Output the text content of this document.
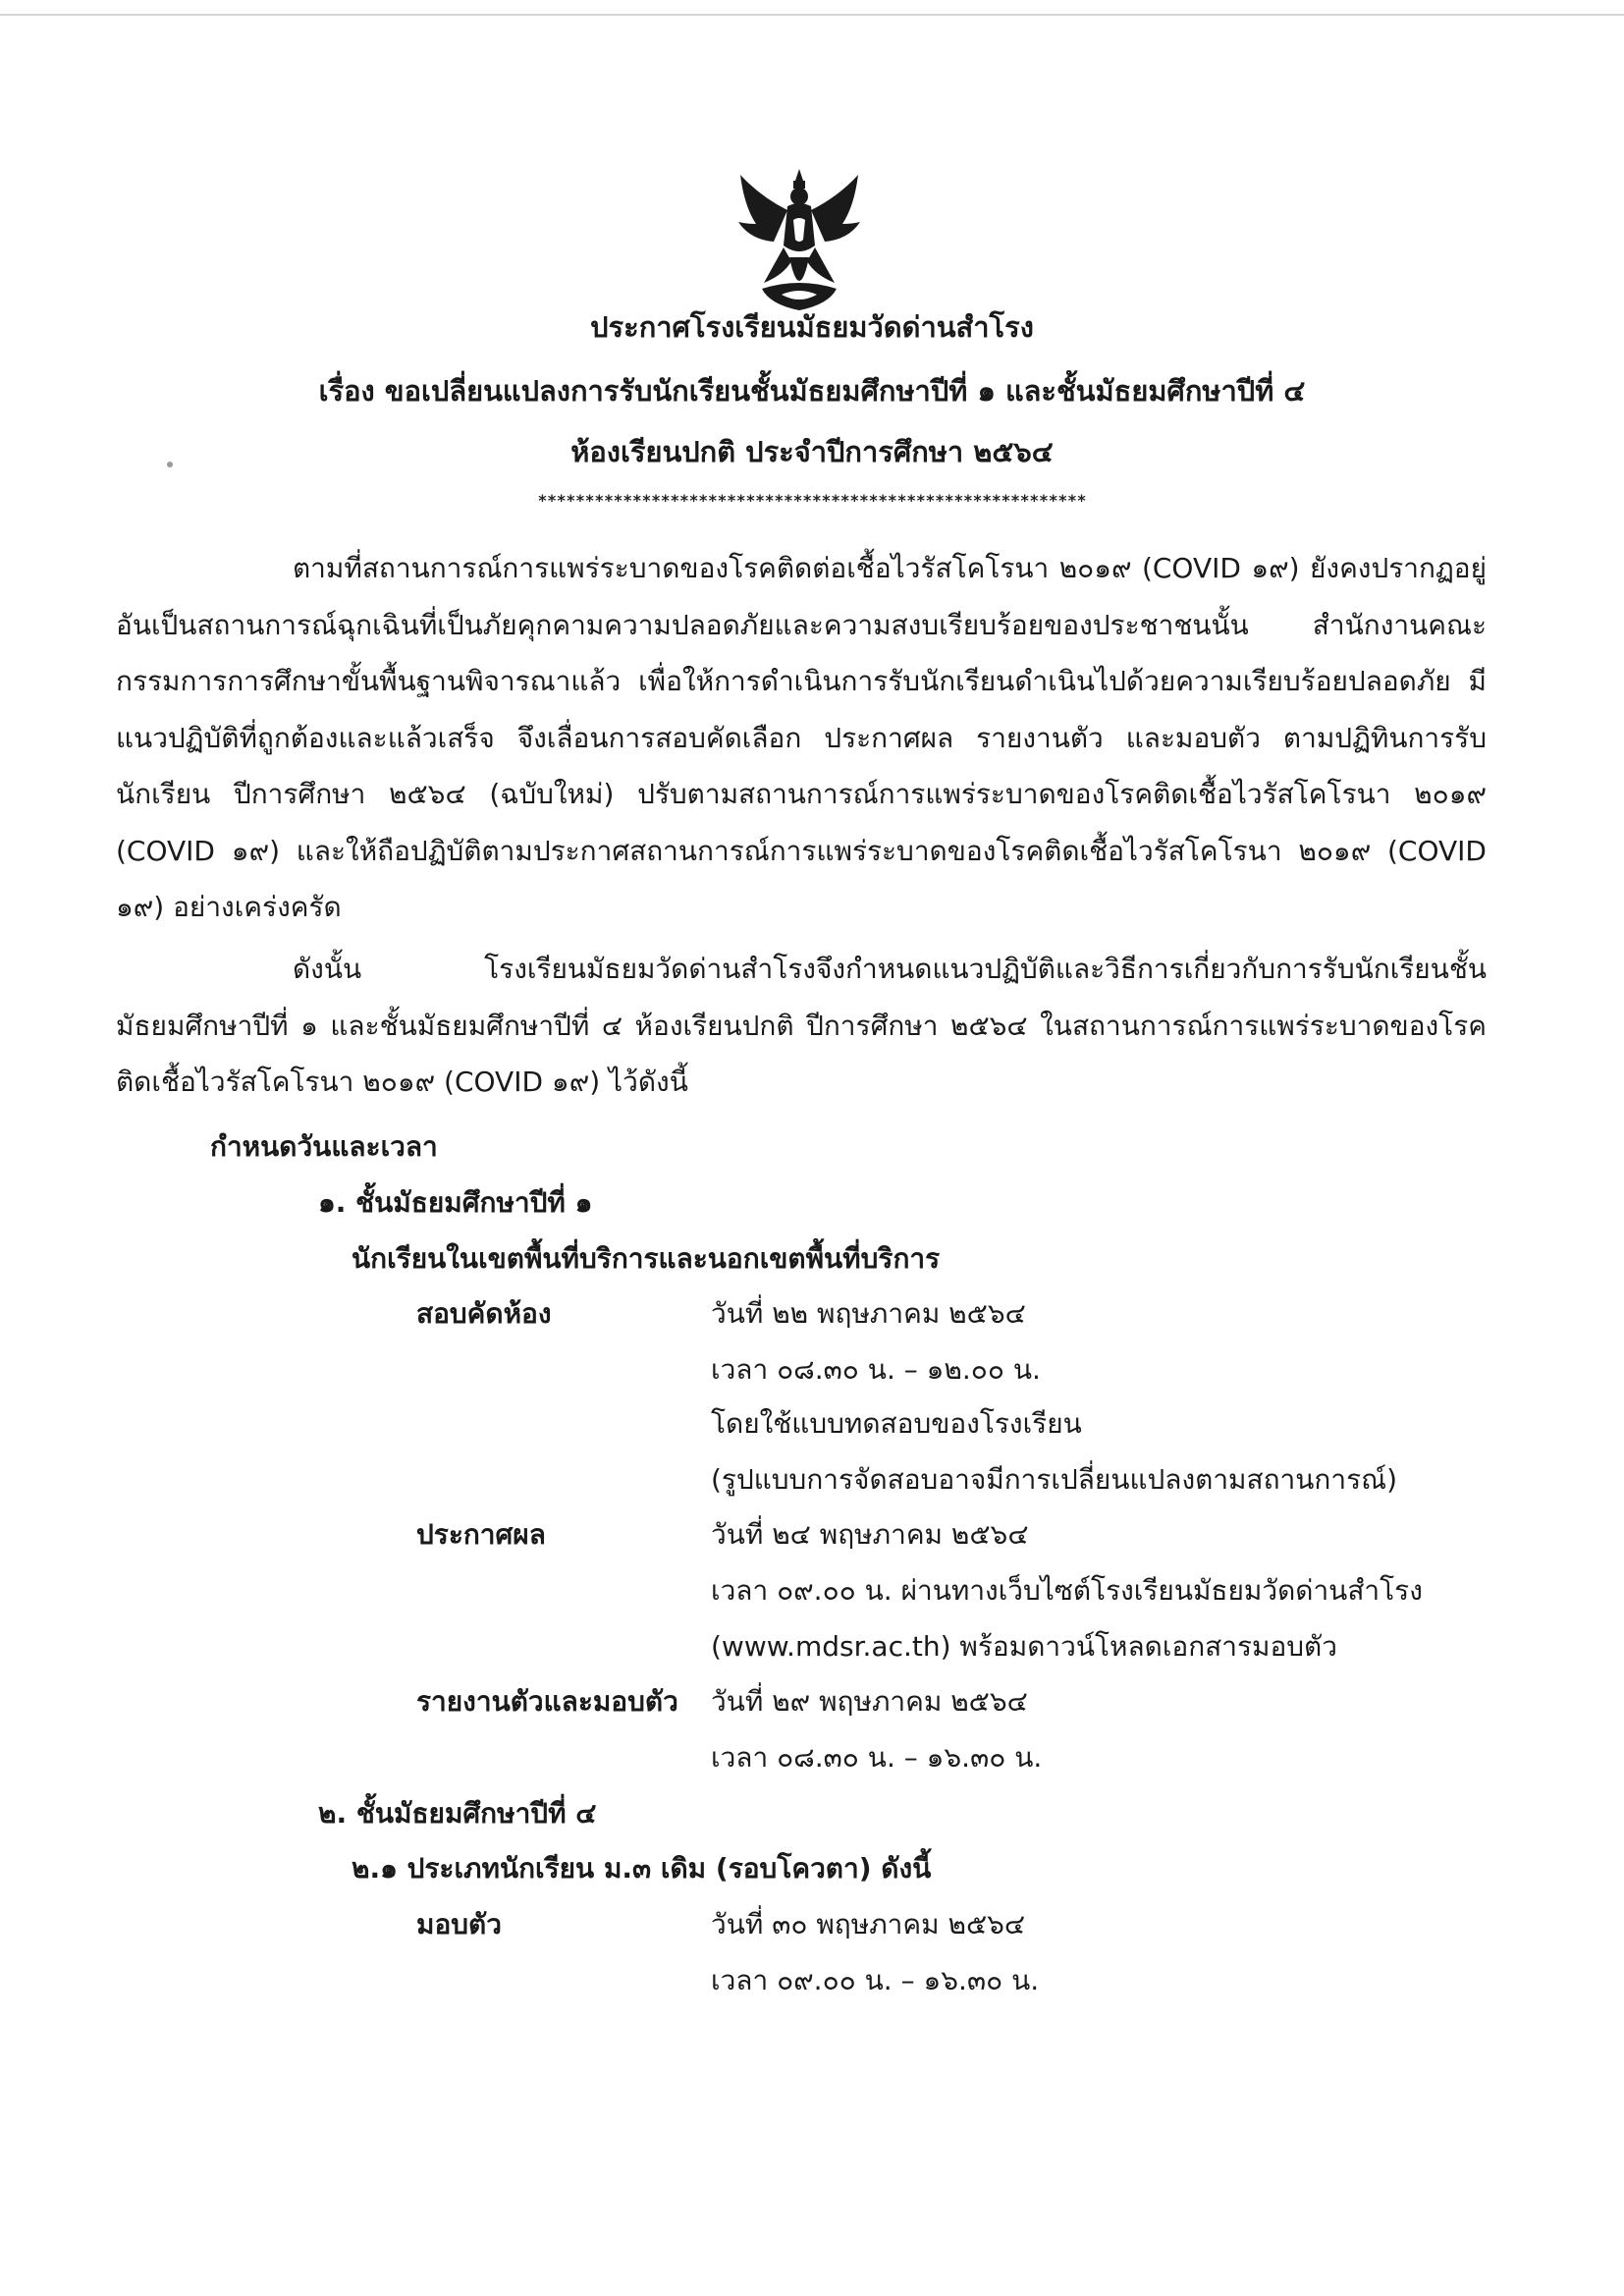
ประกาศโรงเรียนมัธยมวัดด่านสำโรง
เรื่อง ขอเปลี่ยนแปลงการรับนักเรียนชั้นมัธยมศึกษาปีที่ ๑ และชั้นมัธยมศึกษาปีที่ ๔
ห้องเรียนปกติ ประจำปีการศึกษา ๒๕๖๔
**********************************************************
ตามที่สถานการณ์การแพร่ระบาดของโรคติดต่อเชื้อไวรัสโคโรนา ๒๐๑๙ (COVID ๑๙) ยังคงปรากฏอยู่ อันเป็นสถานการณ์ฉุกเฉินที่เป็นภัยคุกคามความปลอดภัยและความสงบเรียบร้อยของประชาชนนั้น สำนักงานคณะกรรมการการศึกษาขั้นพื้นฐานพิจารณาแล้ว เพื่อให้การดำเนินการรับนักเรียนดำเนินไปด้วยความเรียบร้อยปลอดภัย มีแนวปฏิบัติที่ถูกต้องและแล้วเสร็จ จึงเลื่อนการสอบคัดเลือก ประกาศผล รายงานตัว และมอบตัว ตามปฏิทินการรับนักเรียน ปีการศึกษา ๒๕๖๔ (ฉบับใหม่) ปรับตามสถานการณ์การแพร่ระบาดของโรคติดเชื้อไวรัสโคโรนา ๒๐๑๙ (COVID ๑๙) และให้ถือปฏิบัติตามประกาศสถานการณ์การแพร่ระบาดของโรคติดเชื้อไวรัสโคโรนา ๒๐๑๙ (COVID ๑๙) อย่างเคร่งครัด
ดังนั้น โรงเรียนมัธยมวัดด่านสำโรงจึงกำหนดแนวปฏิบัติและวิธีการเกี่ยวกับการรับนักเรียนชั้นมัธยมศึกษาปีที่ ๑ และชั้นมัธยมศึกษาปีที่ ๔ ห้องเรียนปกติ ปีการศึกษา ๒๕๖๔ ในสถานการณ์การแพร่ระบาดของโรคติดเชื้อไวรัสโคโรนา ๒๐๑๙ (COVID ๑๙) ไว้ดังนี้
กำหนดวันและเวลา
๑. ชั้นมัธยมศึกษาปีที่ ๑
นักเรียนในเขตพื้นที่บริการและนอกเขตพื้นที่บริการ
สอบคัดห้อง	วันที่ ๒๒ พฤษภาคม ๒๕๖๔
เวลา ๐๘.๓๐ น. – ๑๒.๐๐ น.
โดยใช้แบบทดสอบของโรงเรียน
(รูปแบบการจัดสอบอาจมีการเปลี่ยนแปลงตามสถานการณ์)
ประกาศผล	วันที่ ๒๔ พฤษภาคม ๒๕๖๔
เวลา ๐๙.๐๐ น. ผ่านทางเว็บไซต์โรงเรียนมัธยมวัดด่านสำโรง
(www.mdsr.ac.th) พร้อมดาวน์โหลดเอกสารมอบตัว
รายงานตัวและมอบตัว วันที่ ๒๙ พฤษภาคม ๒๕๖๔
เวลา ๐๘.๓๐ น. – ๑๖.๓๐ น.
๒. ชั้นมัธยมศึกษาปีที่ ๔
๒.๑ ประเภทนักเรียน ม.๓ เดิม (รอบโควตา) ดังนี้
มอบตัว	วันที่ ๓๐ พฤษภาคม ๒๕๖๔
เวลา ๐๙.๐๐ น. – ๑๖.๓๐ น.
